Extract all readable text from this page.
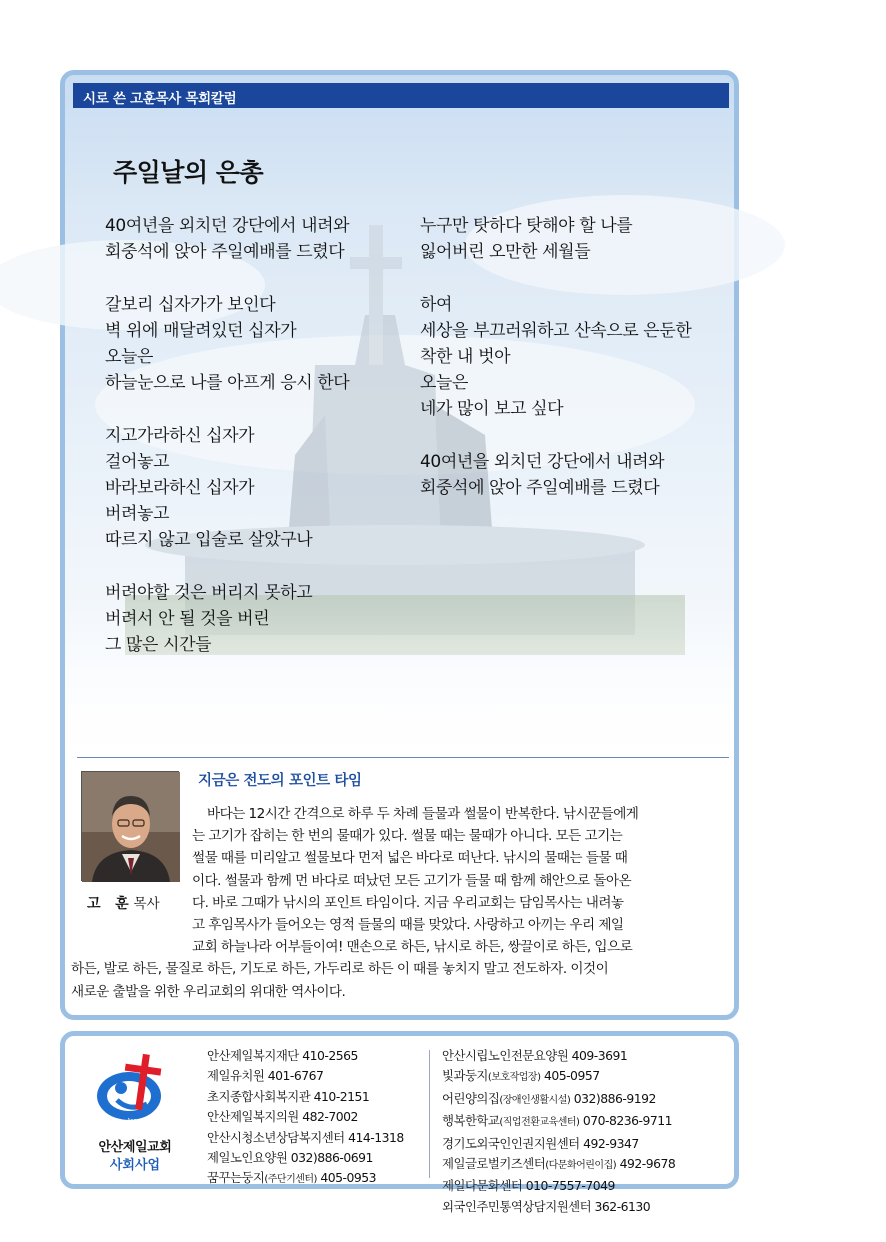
시로 쓴 고훈목사 목회칼럼
주일날의 은총
40여년을 외치던 강단에서 내려와
회중석에 앉아 주일예배를 드렸다
갈보리 십자가가 보인다
벽 위에 매달려있던 십자가
오늘은
하늘눈으로 나를 아프게 응시 한다
지고가라하신 십자가
걸어놓고
바라보라하신 십자가
버려놓고
따르지 않고 입술로 살았구나
버려야할 것은 버리지 못하고
버려서 안 될 것을 버린
그 많은 시간들
누구만 탓하다 탓해야 할 나를
잃어버린 오만한 세월들
하여
세상을 부끄러워하고 산속으로 은둔한
착한 내 벗아
오늘은
네가 많이 보고 싶다
40여년을 외치던 강단에서 내려와
회중석에 앉아 주일예배를 드렸다
고   훈 목사
지금은 전도의 포인트 타임
바다는 12시간 간격으로 하루 두 차례 들물과 썰물이 반복한다. 낚시꾼들에게
는 고기가 잡히는 한 번의 물때가 있다. 썰물 때는 물때가 아니다. 모든 고기는
썰물 때를 미리알고 썰물보다 먼저 넓은 바다로 떠난다. 낚시의 물때는 들물 때
이다. 썰물과 함께 먼 바다로 떠났던 모든 고기가 들물 때 함께 해안으로 돌아온
다. 바로 그때가 낚시의 포인트 타임이다. 지금 우리교회는 담임목사는 내려놓
고 후임목사가 들어오는 영적 들물의 때를 맞았다. 사랑하고 아끼는 우리 제일
교회 하늘나라 어부들이여! 맨손으로 하든, 낚시로 하든, 쌍끌이로 하든, 입으로
하든, 발로 하든, 물질로 하든, 기도로 하든, 가두리로 하든 이 때를 놓치지 말고 전도하자. 이것이
새로운 출발을 위한 우리교회의 위대한 역사이다.
Ansan Jeil Church
안산제일교회
사회사업
안산제일복지재단 410-2565
제일유치원 401-6767
초지종합사회복지관 410-2151
안산제일복지의원 482-7002
안산시청소년상담복지센터 414-1318
제일노인요양원 032)886-0691
꿈꾸는둥지(주단기센터) 405-0953
안산시립노인전문요양원 409-3691
빛과둥지(보호작업장) 405-0957
어린양의집(장애인생활시설) 032)886-9192
행복한학교(직업전환교육센터) 070-8236-9711
경기도외국인인권지원센터 492-9347
제일글로벌키즈센터(다문화어린이집) 492-9678
제일다문화센터 010-7557-7049
외국인주민통역상담지원센터 362-6130
